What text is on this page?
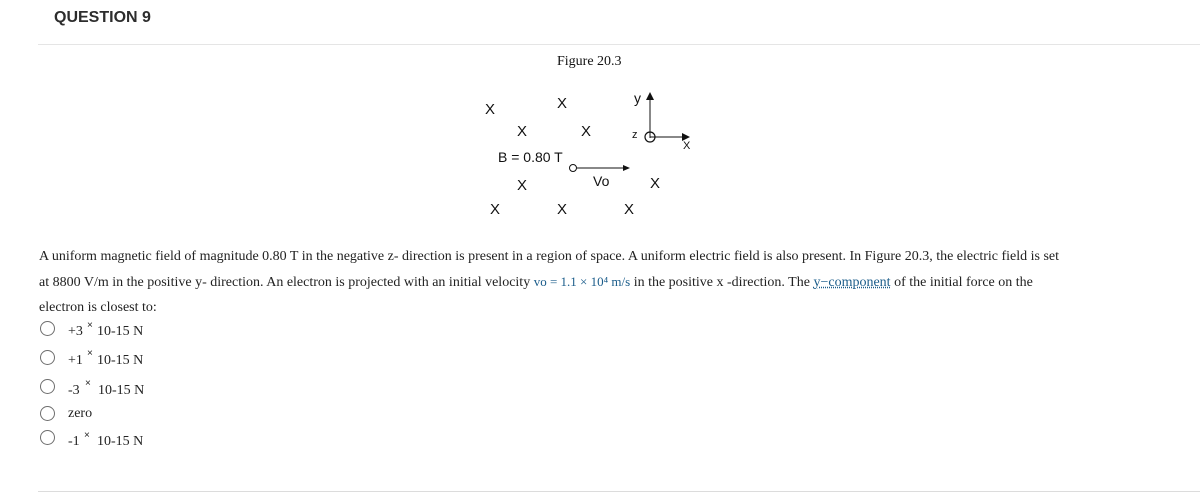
QUESTION 9
Figure 20.3
X	X
X	X
X	X
X	X	X
B = 0.80 T
y
z
X
Vo
A uniform magnetic field of magnitude 0.80 T in the negative z- direction is present in a region of space. A uniform electric field is also present. In Figure 20.3, the electric field is set
at 8800 V/m in the positive y- direction. An electron is projected with an initial velocity vo = 1.1 × 10⁴ m/s in the positive x -direction. The y−component of the initial force on the
electron is closest to:
+3 × 10-15 N
+1 × 10-15 N
-3 × 10-15 N
zero
-1 × 10-15 N
